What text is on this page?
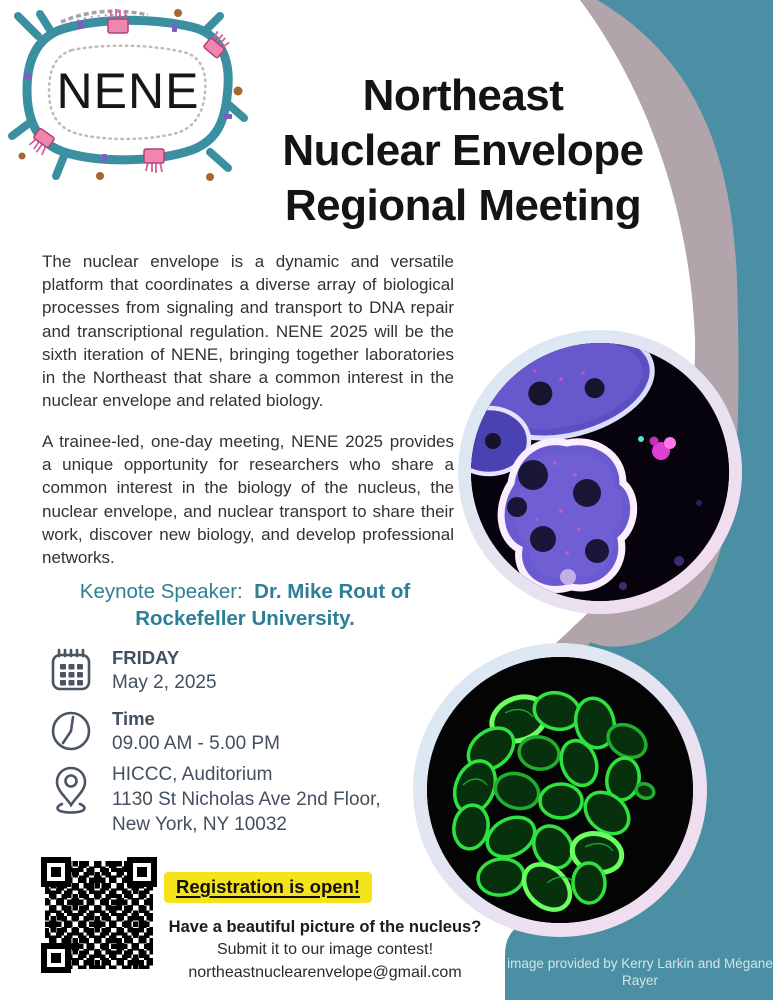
NENE	Northeast
Nuclear Envelope
Regional Meeting
The nuclear envelope is a dynamic and versatile platform that coordinates a diverse array of biological processes from signaling and transport to DNA repair and transcriptional regulation. NENE 2025 will be the sixth iteration of NENE, bringing together laboratories in the Northeast that share a common interest in the nuclear envelope and related biology.
A trainee-led, one-day meeting, NENE 2025 provides a unique opportunity for researchers who share a common interest in the biology of the nucleus, the nuclear envelope, and nuclear transport to share their work, discover new biology, and develop professional networks.
Keynote Speaker: Dr. Mike Rout of Rockefeller University.
FRIDAY
May 2, 2025
Time
09.00 AM - 5.00 PM
HICCC, Auditorium
1130 St Nicholas Ave 2nd Floor,
New York, NY 10032
Registration is open!
Have a beautiful picture of the nucleus?
Submit it to our image contest!
northeastnuclearenvelope@gmail.com
image provided by Kerry Larkin and Mégane Rayer
